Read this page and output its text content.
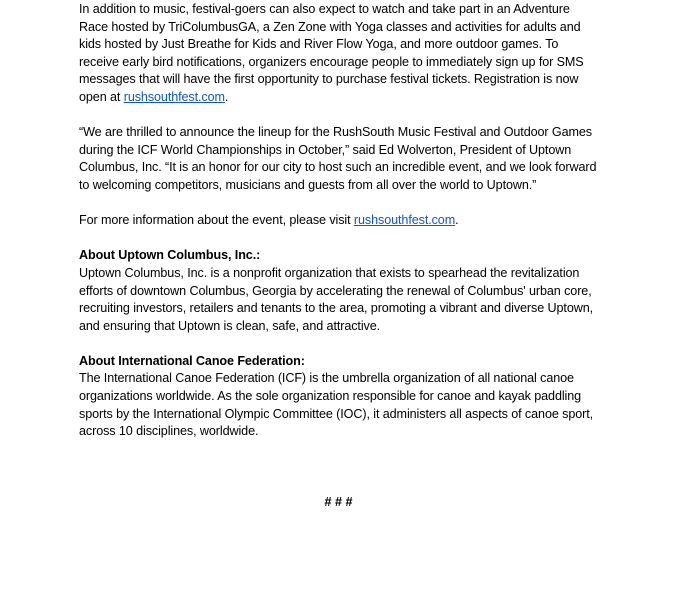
In addition to music, festival-goers can also expect to watch and take part in an Adventure Race hosted by TriColumbusGA, a Zen Zone with Yoga classes and activities for adults and kids hosted by Just Breathe for Kids and River Flow Yoga, and more outdoor games. To receive early bird notifications, organizers encourage people to immediately sign up for SMS messages that will have the first opportunity to purchase festival tickets. Registration is now open at rushsouthfest.com.

“We are thrilled to announce the lineup for the RushSouth Music Festival and Outdoor Games during the ICF World Championships in October,” said Ed Wolverton, President of Uptown Columbus, Inc. “It is an honor for our city to host such an incredible event, and we look forward to welcoming competitors, musicians and guests from all over the world to Uptown.”

For more information about the event, please visit rushsouthfest.com.

About Uptown Columbus, Inc.:

Uptown Columbus, Inc. is a nonprofit organization that exists to spearhead the revitalization efforts of downtown Columbus, Georgia by accelerating the renewal of Columbus' urban core, recruiting investors, retailers and tenants to the area, promoting a vibrant and diverse Uptown, and ensuring that Uptown is clean, safe, and attractive.

About International Canoe Federation:

The International Canoe Federation (ICF) is the umbrella organization of all national canoe organizations worldwide. As the sole organization responsible for canoe and kayak paddling sports by the International Olympic Committee (IOC), it administers all aspects of canoe sport, across 10 disciplines, worldwide.

# # #
